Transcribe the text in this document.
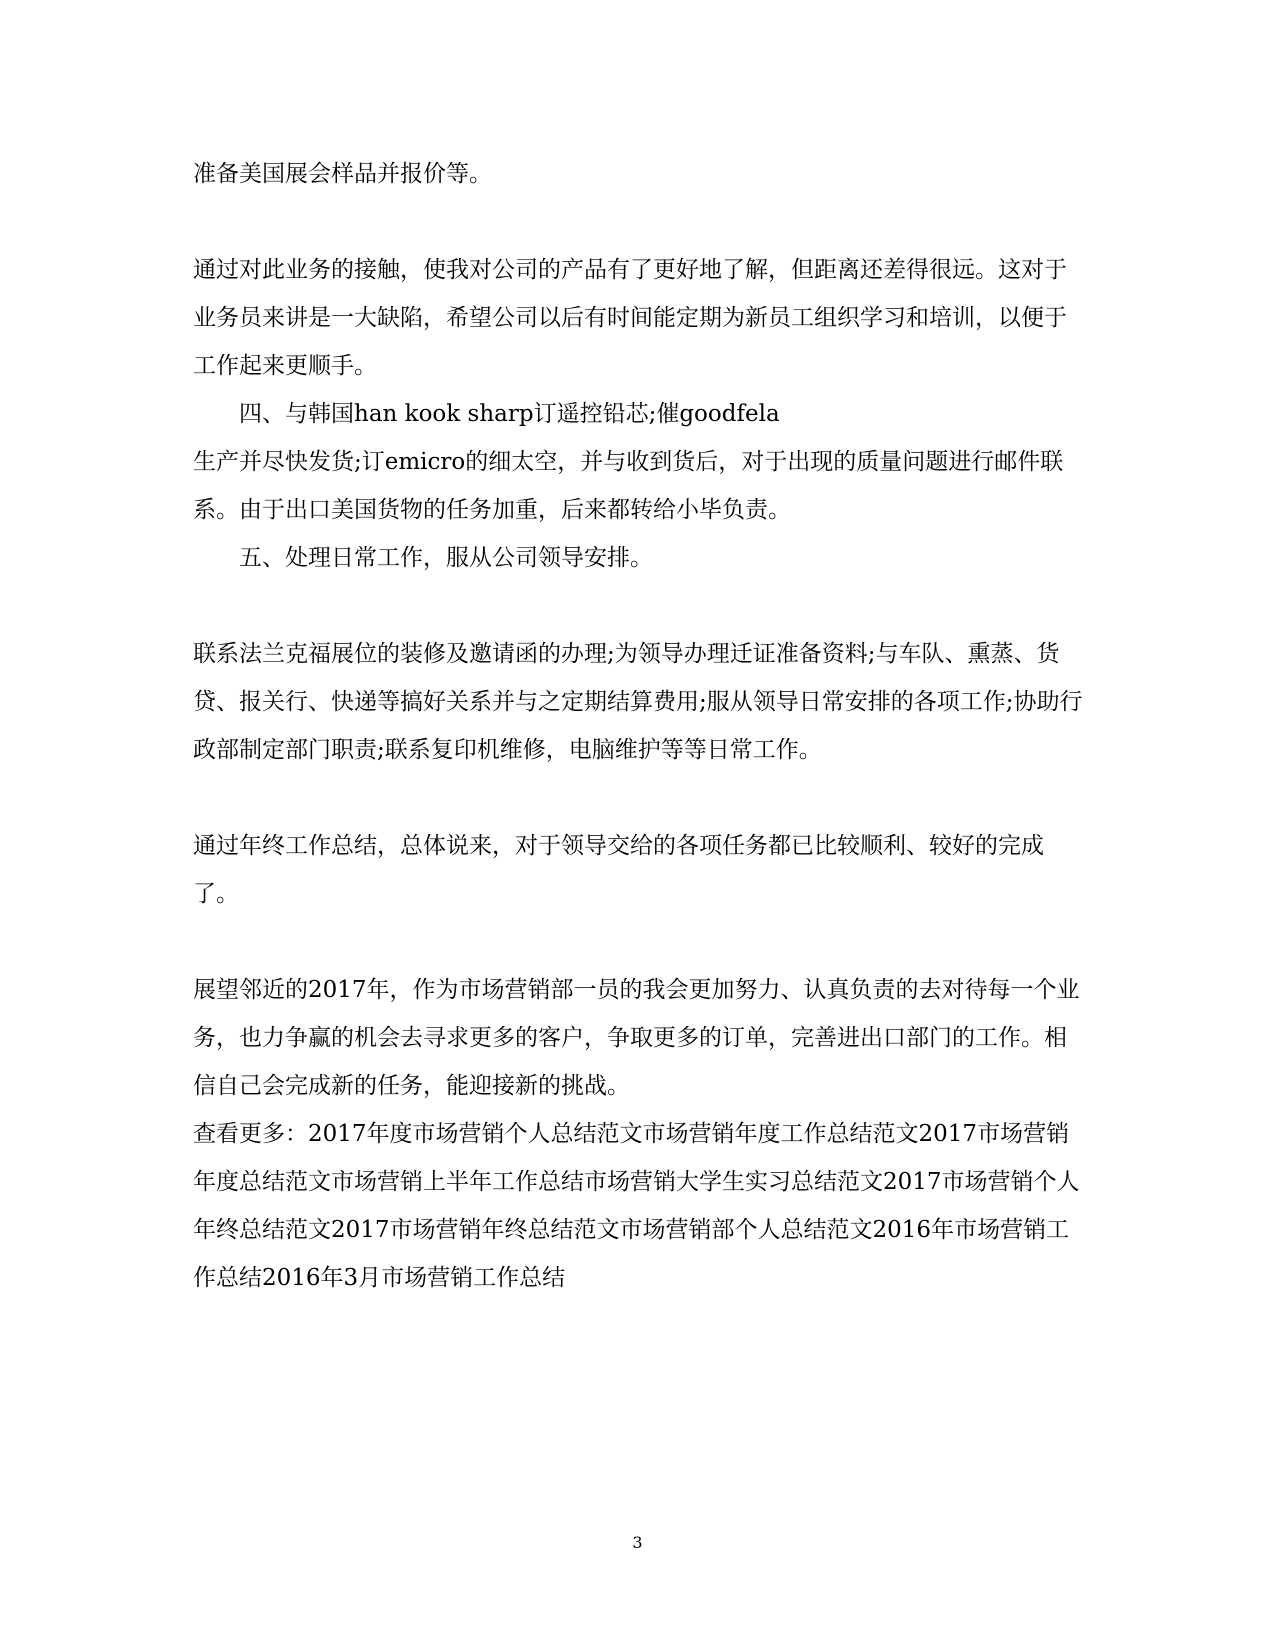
准备美国展会样品并报价等。

通过对此业务的接触，使我对公司的产品有了更好地了解，但距离还差得很远。这对于业务员来讲是一大缺陷，希望公司以后有时间能定期为新员工组织学习和培训，以便于工作起来更顺手。

四、与韩国han kook sharp订遥控铅芯;催goodfela

生产并尽快发货;订emicro的细太空，并与收到货后，对于出现的质量问题进行邮件联系。由于出口美国货物的任务加重，后来都转给小毕负责。

五、处理日常工作，服从公司领导安排。

联系法兰克福展位的装修及邀请函的办理;为领导办理迁证准备资料;与车队、熏蒸、货贷、报关行、快递等搞好关系并与之定期结算费用;服从领导日常安排的各项工作;协助行政部制定部门职责;联系复印机维修，电脑维护等等日常工作。

通过年终工作总结，总体说来，对于领导交给的各项任务都已比较顺利、较好的完成了。

展望邻近的2017年，作为市场营销部一员的我会更加努力、认真负责的去对待每一个业务，也力争赢的机会去寻求更多的客户，争取更多的订单，完善进出口部门的工作。相信自己会完成新的任务，能迎接新的挑战。

查看更多：2017年度市场营销个人总结范文市场营销年度工作总结范文2017市场营销年度总结范文市场营销上半年工作总结市场营销大学生实习总结范文2017市场营销个人年终总结范文2017市场营销年终总结范文市场营销部个人总结范文2016年市场营销工作总结2016年3月市场营销工作总结

3
